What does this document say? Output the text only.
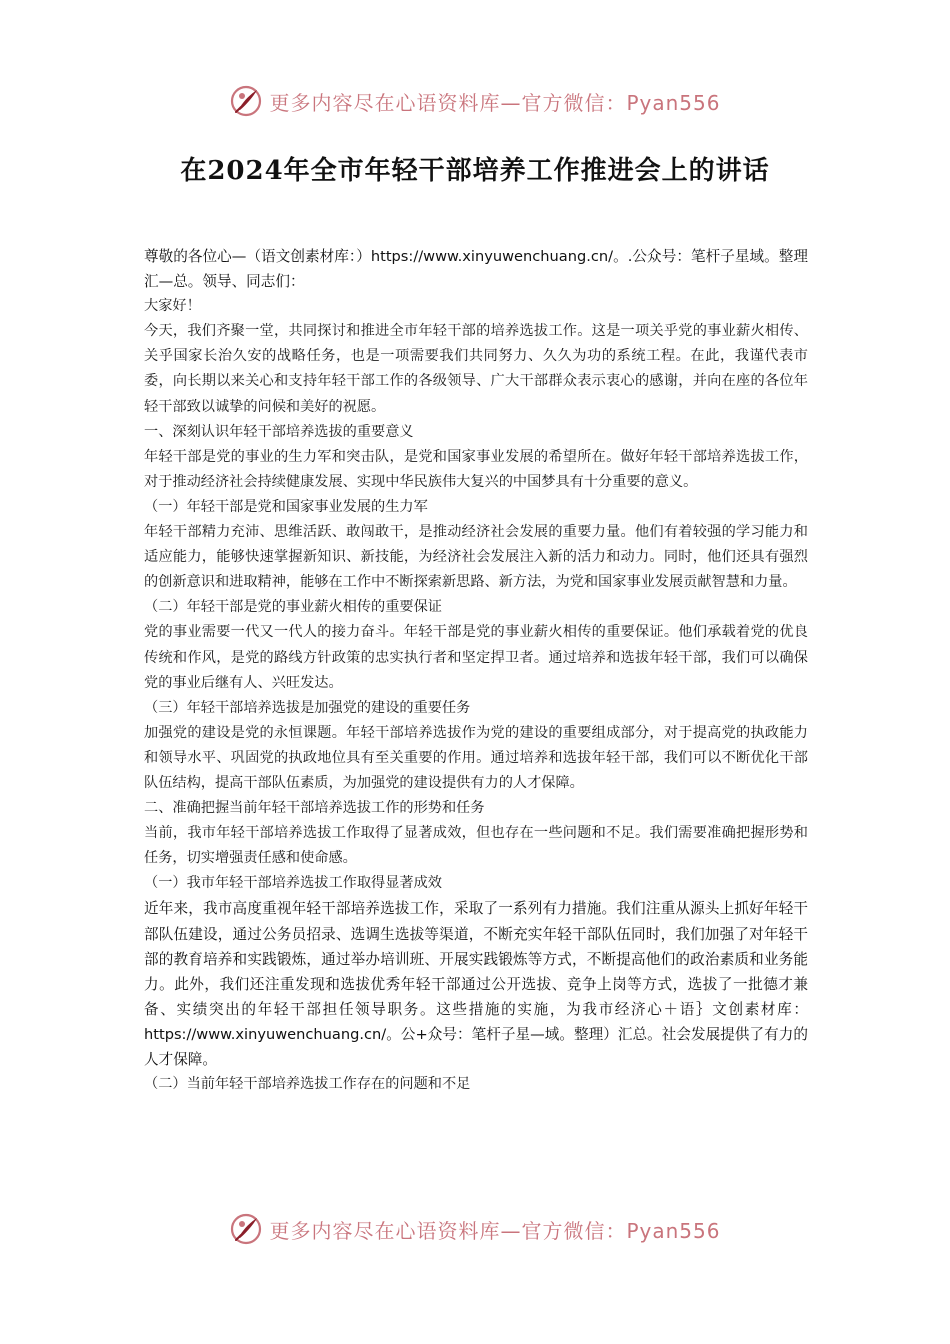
更多内容尽在心语资料库—官方微信：Pyan556
在2024年全市年轻干部培养工作推进会上的讲话

尊敬的各位心—（语文创素材库：）https://www.xinyuwenchuang.cn/。.公众号：笔杆子星域。整理汇—总。领导、同志们：

大家好！

今天，我们齐聚一堂，共同探讨和推进全市年轻干部的培养选拔工作。这是一项关乎党的事业薪火相传、关乎国家长治久安的战略任务，也是一项需要我们共同努力、久久为功的系统工程。在此，我谨代表市委，向长期以来关心和支持年轻干部工作的各级领导、广大干部群众表示衷心的感谢，并向在座的各位年轻干部致以诚挚的问候和美好的祝愿。

一、深刻认识年轻干部培养选拔的重要意义

年轻干部是党的事业的生力军和突击队，是党和国家事业发展的希望所在。做好年轻干部培养选拔工作，对于推动经济社会持续健康发展、实现中华民族伟大复兴的中国梦具有十分重要的意义。

（一）年轻干部是党和国家事业发展的生力军

年轻干部精力充沛、思维活跃、敢闯敢干，是推动经济社会发展的重要力量。他们有着较强的学习能力和适应能力，能够快速掌握新知识、新技能，为经济社会发展注入新的活力和动力。同时，他们还具有强烈的创新意识和进取精神，能够在工作中不断探索新思路、新方法，为党和国家事业发展贡献智慧和力量。

（二）年轻干部是党的事业薪火相传的重要保证

党的事业需要一代又一代人的接力奋斗。年轻干部是党的事业薪火相传的重要保证。他们承载着党的优良传统和作风，是党的路线方针政策的忠实执行者和坚定捍卫者。通过培养和选拔年轻干部，我们可以确保党的事业后继有人、兴旺发达。

（三）年轻干部培养选拔是加强党的建设的重要任务

加强党的建设是党的永恒课题。年轻干部培养选拔作为党的建设的重要组成部分，对于提高党的执政能力和领导水平、巩固党的执政地位具有至关重要的作用。通过培养和选拔年轻干部，我们可以不断优化干部队伍结构，提高干部队伍素质，为加强党的建设提供有力的人才保障。

二、准确把握当前年轻干部培养选拔工作的形势和任务

当前，我市年轻干部培养选拔工作取得了显著成效，但也存在一些问题和不足。我们需要准确把握形势和任务，切实增强责任感和使命感。

（一）我市年轻干部培养选拔工作取得显著成效

近年来，我市高度重视年轻干部培养选拔工作，采取了一系列有力措施。我们注重从源头上抓好年轻干部队伍建设，通过公务员招录、选调生选拔等渠道，不断充实年轻干部队伍同时，我们加强了对年轻干部的教育培养和实践锻炼，通过举办培训班、开展实践锻炼等方式，不断提高他们的政治素质和业务能力。此外，我们还注重发现和选拔优秀年轻干部通过公开选拔、竞争上岗等方式，选拔了一批德才兼备、实绩突出的年轻干部担任领导职务。这些措施的实施，为我市经济心＋语｝文创素材库：https://www.xinyuwenchuang.cn/。公+众号：笔杆子星—域。整理）汇总。社会发展提供了有力的人才保障。

（二）当前年轻干部培养选拔工作存在的问题和不足

更多内容尽在心语资料库—官方微信：Pyan556
